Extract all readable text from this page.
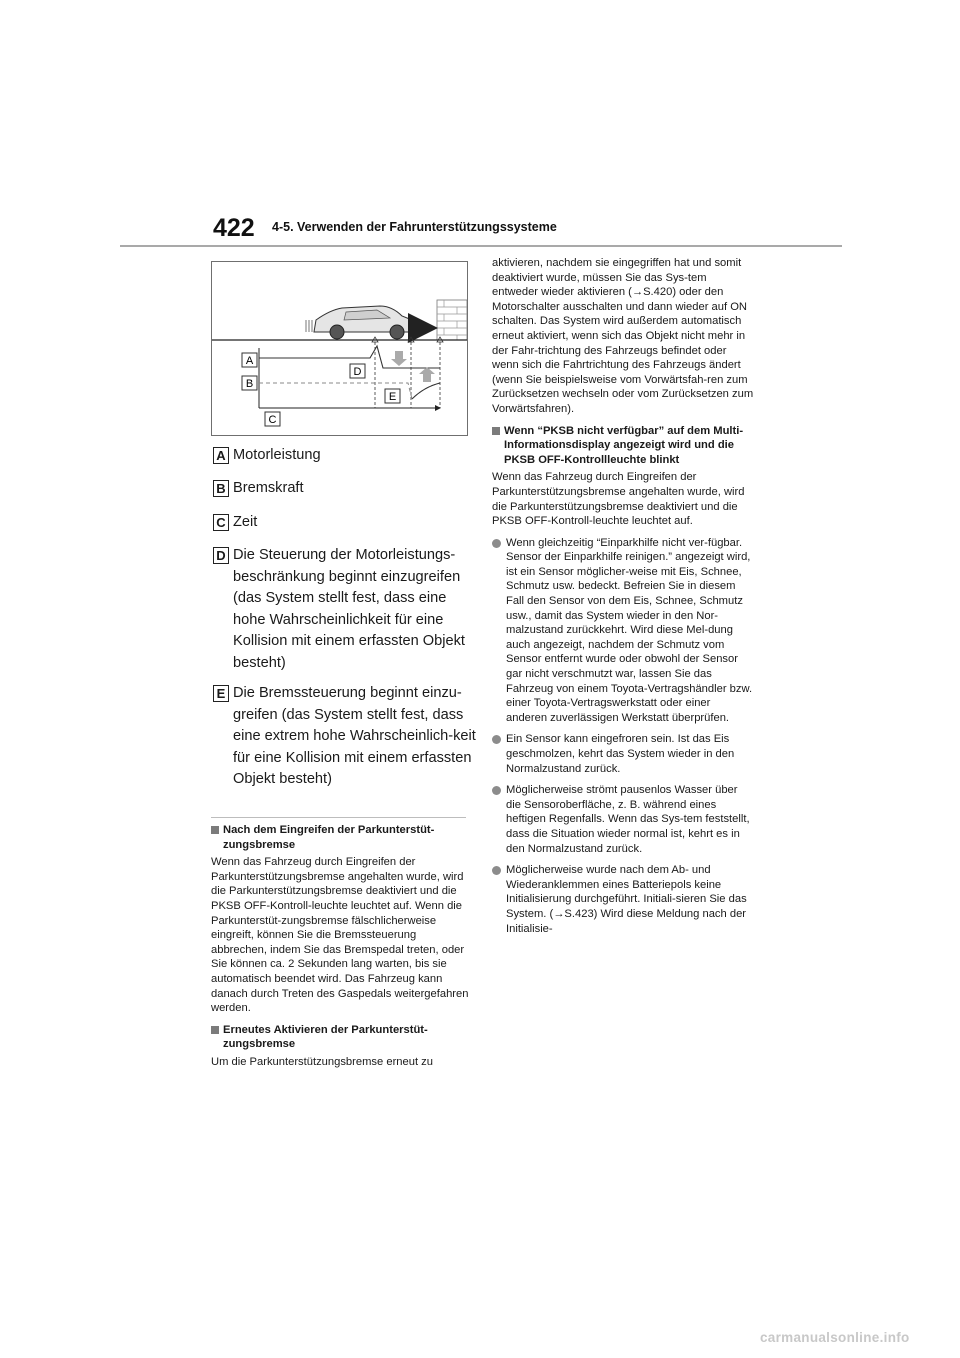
422 4-5. Verwenden der Fahrunterstützungssysteme
A
B
C
D
E
A Motorleistung
B Bremskraft
C Zeit
D Die Steuerung der Motorleistungs-beschränkung beginnt einzugreifen (das System stellt fest, dass eine hohe Wahrscheinlichkeit für eine Kollision mit einem erfassten Objekt besteht)
E Die Bremssteuerung beginnt einzu-greifen (das System stellt fest, dass eine extrem hohe Wahrscheinlich-keit für eine Kollision mit einem erfassten Objekt besteht)
Nach dem Eingreifen der Parkunterstüt-
zungsbremse

Wenn das Fahrzeug durch Eingreifen der Parkunterstützungsbremse angehalten wurde, wird die Parkunterstützungsbremse deaktiviert und die PKSB OFF-Kontroll-leuchte leuchtet auf. Wenn die Parkunterstüt-zungsbremse fälschlicherweise eingreift, können Sie die Bremssteuerung abbrechen, indem Sie das Bremspedal treten, oder Sie können ca. 2 Sekunden lang warten, bis sie automatisch beendet wird. Das Fahrzeug kann danach durch Treten des Gaspedals weitergefahren werden.

Erneutes Aktivieren der Parkunterstüt-
zungsbremse

Um die Parkunterstützungsbremse erneut zu

aktivieren, nachdem sie eingegriffen hat und somit deaktiviert wurde, müssen Sie das Sys-tem entweder wieder aktivieren (→S.420) oder den Motorschalter ausschalten und dann wieder auf ON schalten. Das System wird außerdem automatisch erneut aktiviert, wenn sich das Objekt nicht mehr in der Fahr-trichtung des Fahrzeugs befindet oder wenn sich die Fahrtrichtung des Fahrzeugs ändert (wenn Sie beispielsweise vom Vorwärtsfah-ren zum Zurücksetzen wechseln oder vom Zurücksetzen zum Vorwärtsfahren).

Wenn “PKSB nicht verfügbar” auf dem Multi-Informationsdisplay angezeigt wird und die PKSB OFF-Kontrollleuchte blinkt

Wenn das Fahrzeug durch Eingreifen der Parkunterstützungsbremse angehalten wurde, wird die Parkunterstützungsbremse deaktiviert und die PKSB OFF-Kontroll-leuchte leuchtet auf.

Wenn gleichzeitig “Einparkhilfe nicht ver-fügbar. Sensor der Einparkhilfe reinigen.” angezeigt wird, ist ein Sensor möglicher-weise mit Eis, Schnee, Schmutz usw. bedeckt. Befreien Sie in diesem Fall den Sensor von dem Eis, Schnee, Schmutz usw., damit das System wieder in den Nor-malzustand zurückkehrt. Wird diese Mel-dung auch angezeigt, nachdem der Schmutz vom Sensor entfernt wurde oder obwohl der Sensor gar nicht verschmutzt war, lassen Sie das Fahrzeug von einem Toyota-Vertragshändler bzw. einer Toyota-Vertragswerkstatt oder einer anderen zuverlässigen Werkstatt überprüfen.
Ein Sensor kann eingefroren sein. Ist das Eis geschmolzen, kehrt das System wieder in den Normalzustand zurück.
Möglicherweise strömt pausenlos Wasser über die Sensoroberfläche, z. B. während eines heftigen Regenfalls. Wenn das Sys-tem feststellt, dass die Situation wieder normal ist, kehrt es in den Normalzustand zurück.
Möglicherweise wurde nach dem Ab- und Wiederanklemmen eines Batteriepols keine Initialisierung durchgeführt. Initiali-sieren Sie das System. (→S.423) Wird diese Meldung nach der Initialisie-
carmanualsonline.info
